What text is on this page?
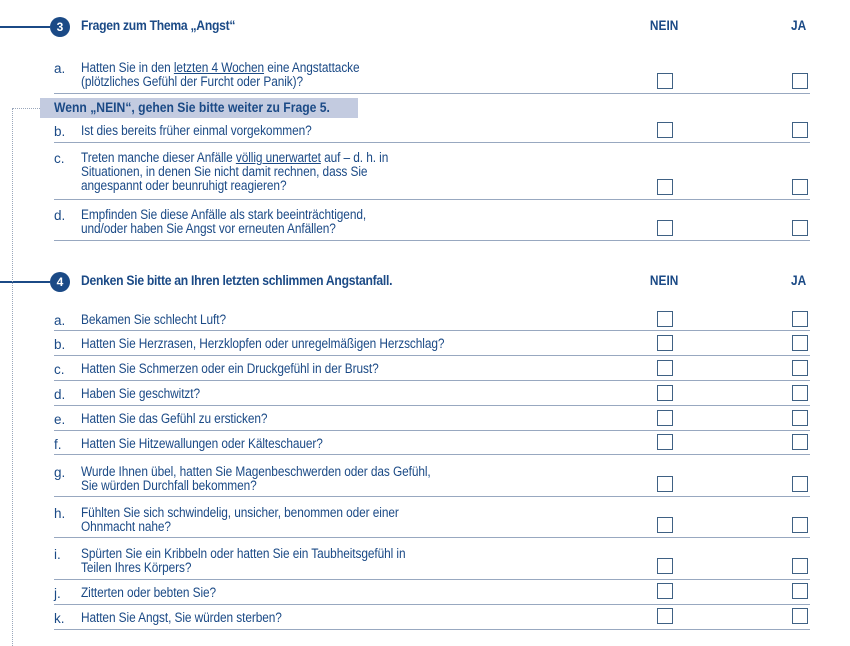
3	Fragen zum Thema „Angst“	NEIN	JA
a. Hatten Sie in den letzten 4 Wochen eine Angstattacke
(plötzliches Gefühl der Furcht oder Panik)?
Wenn „NEIN“, gehen Sie bitte weiter zu Frage 5.
b. Ist dies bereits früher einmal vorgekommen?
c. Treten manche dieser Anfälle völlig unerwartet auf – d. h. in
Situationen, in denen Sie nicht damit rechnen, dass Sie
angespannt oder beunruhigt reagieren?
d. Empfinden Sie diese Anfälle als stark beeinträchtigend,
und/oder haben Sie Angst vor erneuten Anfällen?
4	Denken Sie bitte an Ihren letzten schlimmen Angstanfall.	NEIN	JA
a. Bekamen Sie schlecht Luft?
b. Hatten Sie Herzrasen, Herzklopfen oder unregelmäßigen Herzschlag?
c. Hatten Sie Schmerzen oder ein Druckgefühl in der Brust?
d. Haben Sie geschwitzt?
e. Hatten Sie das Gefühl zu ersticken?
f. Hatten Sie Hitzewallungen oder Kälteschauer?
g. Wurde Ihnen übel, hatten Sie Magenbeschwerden oder das Gefühl,
Sie würden Durchfall bekommen?
h. Fühlten Sie sich schwindelig, unsicher, benommen oder einer
Ohnmacht nahe?
i. Spürten Sie ein Kribbeln oder hatten Sie ein Taubheitsgefühl in
Teilen Ihres Körpers?
j. Zitterten oder bebten Sie?
k. Hatten Sie Angst, Sie würden sterben?
